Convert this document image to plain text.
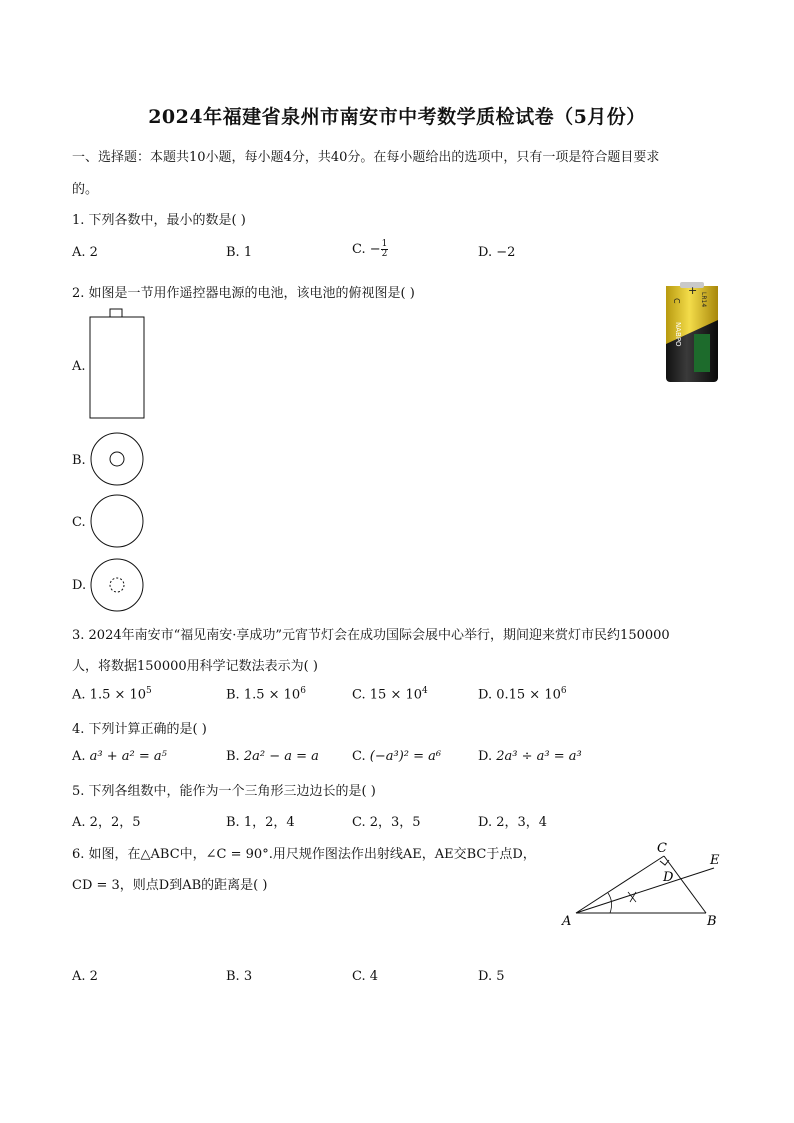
2024年福建省泉州市南安市中考数学质检试卷（5月份）
一、选择题：本题共10小题，每小题4分，共40分。在每小题给出的选项中，只有一项是符合题目要求
的。
1. 下列各数中，最小的数是( )
A. 2	B. 1	C. − $\frac{1}{2}$	D. −2
2. 如图是一节用作遥控器电源的电池，该电池的俯视图是( )
NABPO
C
+
LR14
A.
B.
C.
D.
3. 2024年南安市“福见南安·享成功”元宵节灯会在成功国际会展中心举行，期间迎来赏灯市民约150000
人，将数据150000用科学记数法表示为( )
A. $1.5 \times 10^5$	B. $1.5 \times 10^6$	C. $15 \times 10^4$	D. $0.15 \times 10^6$
4. 下列计算正确的是( )
A. a³ + a² = a⁵	B. 2a² − a = a	C. (−a³)² = a⁶	D. 2a³ ÷ a³ = a³
5. 下列各组数中，能作为一个三角形三边边长的是( )
A. 2，2，5	B. 1，2，4	C. 2，3，5	D. 2，3，4
6. 如图，在△ABC中，∠C = 90°.用尺规作图法作出射线AE，AE交BC于点D，
CD = 3，则点D到AB的距离是( )
A	B
C
D
E
A. 2	B. 3	C. 4	D. 5
